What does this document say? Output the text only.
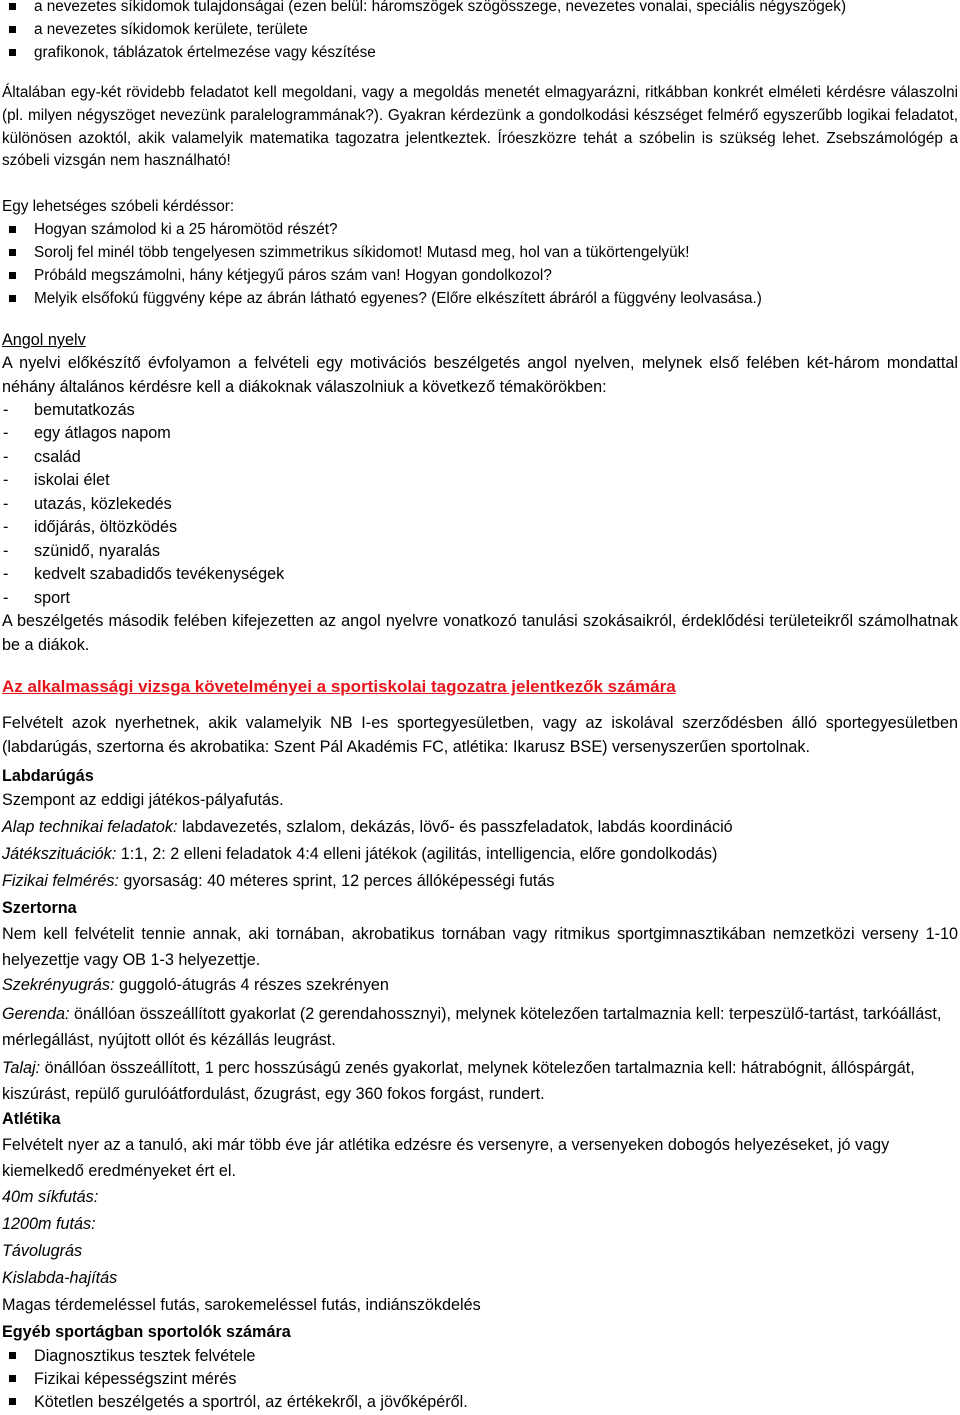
a nevezetes síkidomok tulajdonságai (ezen belül: háromszögek szögösszege, nevezetes vonalai, speciális négyszögek)
a nevezetes síkidomok kerülete, területe
grafikonok, táblázatok értelmezése vagy készítése

Általában egy-két rövidebb feladatot kell megoldani, vagy a megoldás menetét elmagyarázni, ritkábban konkrét elméleti kérdésre válaszolni (pl. milyen négyszöget nevezünk paralelogrammának?). Gyakran kérdezünk a gondolkodási készséget felmérő egyszerűbb logikai feladatot, különösen azoktól, akik valamelyik matematika tagozatra jelentkeztek. Íróeszközre tehát a szóbelin is szükség lehet. Zsebszámológép a szóbeli vizsgán nem használható!

Egy lehetséges szóbeli kérdéssor:
Hogyan számolod ki a 25 háromötöd részét?
Sorolj fel minél több tengelyesen szimmetrikus síkidomot! Mutasd meg, hol van a tükörtengelyük!
Próbáld megszámolni, hány kétjegyű páros szám van! Hogyan gondolkozol?
Melyik elsőfokú függvény képe az ábrán látható egyenes? (Előre elkészített ábráról a függvény leolvasása.)
Angol nyelv

A nyelvi előkészítő évfolyamon a felvételi egy motivációs beszélgetés angol nyelven, melynek első felében két-három mondattal néhány általános kérdésre kell a diákoknak válaszolniuk a következő témakörökben:

- bemutatkozás
- egy átlagos napom
- család
- iskolai élet
- utazás, közlekedés
- időjárás, öltözködés
- szünidő, nyaralás
- kedvelt szabadidős tevékenységek
- sport

A beszélgetés második felében kifejezetten az angol nyelvre vonatkozó tanulási szokásaikról, érdeklődési területeikről számolhatnak be a diákok.

Az alkalmassági vizsga követelményei a sportiskolai tagozatra jelentkezők számára

Felvételt azok nyerhetnek, akik valamelyik NB I-es sportegyesületben, vagy az iskolával szerződésben álló sportegyesületben (labdarúgás, szertorna és akrobatika: Szent Pál Akadémis FC, atlétika: Ikarusz BSE) versenyszerűen sportolnak.

Labdarúgás
Szempont az eddigi játékos-pályafutás.
Alap technikai feladatok: labdavezetés, szlalom, dekázás, lövő- és passzfeladatok, labdás koordináció
Játékszituációk: 1:1, 2: 2 elleni feladatok 4:4 elleni játékok (agilitás, intelligencia, előre gondolkodás)
Fizikai felmérés: gyorsaság: 40 méteres sprint, 12 perces állóképességi futás
Szertorna

Nem kell felvételit tennie annak, aki tornában, akrobatikus tornában vagy ritmikus sportgimnasztikában nemzetközi verseny 1-10 helyezettje vagy OB 1-3 helyezettje.

Szekrényugrás: guggoló-átugrás 4 részes szekrényen

Gerenda: önállóan összeállított gyakorlat (2 gerendahossznyi), melynek kötelezően tartalmaznia kell: terpeszülő-tartást, tarkóállást, mérlegállást, nyújtott ollót és kézállás leugrást.

Talaj: önállóan összeállított, 1 perc hosszúságú zenés gyakorlat, melynek kötelezően tartalmaznia kell: hátrabógnit, állóspárgát, kiszúrást, repülő gurulóátfordulást, őzugrást, egy 360 fokos forgást, rundert.

Atlétika

Felvételt nyer az a tanuló, aki már több éve jár atlétika edzésre és versenyre, a versenyeken dobogós helyezéseket, jó vagy kiemelkedő eredményeket ért el.

40m síkfutás:
1200m futás:
Távolugrás
Kislabda-hajítás
Magas térdemeléssel futás, sarokemeléssel futás, indiánszökdelés
Egyéb sportágban sportolók számára
Diagnosztikus tesztek felvétele
Fizikai képességszint mérés
Kötetlen beszélgetés a sportról, az értékekről, a jövőképéről.
